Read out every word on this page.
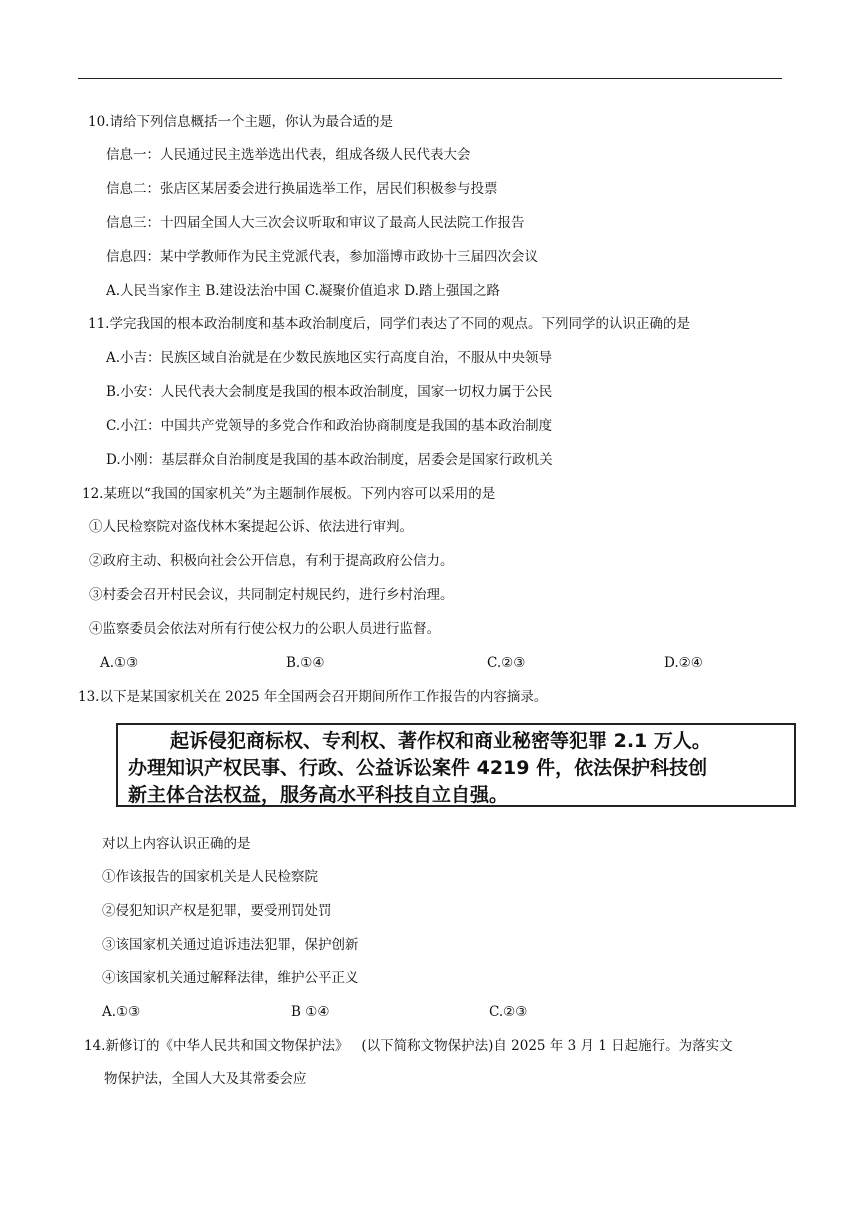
10.请给下列信息概括一个主题，你认为最合适的是
信息一：人民通过民主选举选出代表，组成各级人民代表大会
信息二：张店区某居委会进行换届选举工作，居民们积极参与投票
信息三：十四届全国人大三次会议听取和审议了最高人民法院工作报告
信息四：某中学教师作为民主党派代表，参加淄博市政协十三届四次会议
A.人民当家作主 B.建设法治中国 C.凝聚价值追求 D.踏上强国之路
11.学完我国的根本政治制度和基本政治制度后，同学们表达了不同的观点。下列同学的认识正确的是
A.小吉：民族区域自治就是在少数民族地区实行高度自治，不服从中央领导
B.小安：人民代表大会制度是我国的根本政治制度，国家一切权力属于公民
C.小江：中国共产党领导的多党合作和政治协商制度是我国的基本政治制度
D.小刚：基层群众自治制度是我国的基本政治制度，居委会是国家行政机关
12.某班以“我国的国家机关”为主题制作展板。下列内容可以采用的是
①人民检察院对盗伐林木案提起公诉、依法进行审判。
②政府主动、积极向社会公开信息，有利于提高政府公信力。
③村委会召开村民会议，共同制定村规民约，进行乡村治理。
④监察委员会依法对所有行使公权力的公职人员进行监督。
A.①③	B.①④	C.②③	D.②④
13.以下是某国家机关在 2025 年全国两会召开期间所作工作报告的内容摘录。
起诉侵犯商标权、专利权、著作权和商业秘密等犯罪 2.1 万人。
办理知识产权民事、行政、公益诉讼案件 4219 件，依法保护科技创
新主体合法权益，服务高水平科技自立自强。
对以上内容认识正确的是
①作该报告的国家机关是人民检察院
②侵犯知识产权是犯罪，要受刑罚处罚
③该国家机关通过追诉违法犯罪，保护创新
④该国家机关通过解释法律，维护公平正义
A.①③	B ①④	C.②③
14.新修订的《中华人民共和国文物保护法》   (以下简称文物保护法)自 2025 年 3 月 1 日起施行。为落实文
物保护法，全国人大及其常委会应
